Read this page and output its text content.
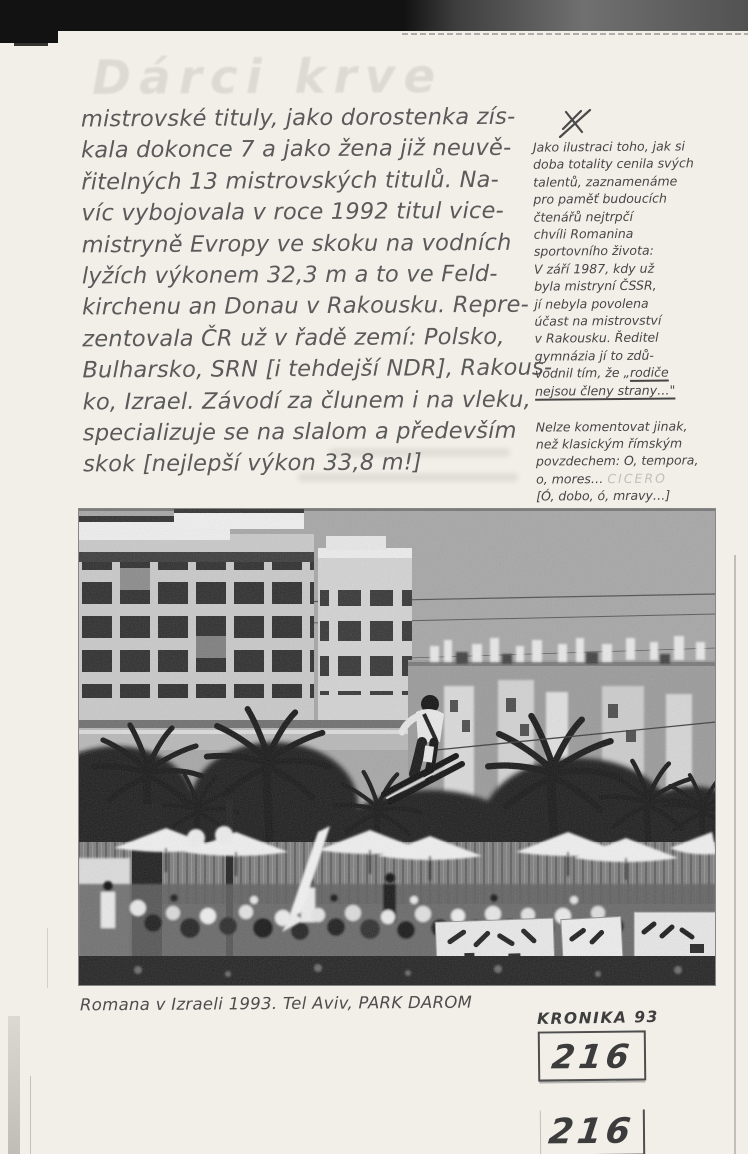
Dárci krve
mistrovské tituly, jako dorostenka zís-
kala dokonce 7 a jako žena již neuvě-
řitelných 13 mistrovských titulů. Na-
víc vybojovala v roce 1992 titul vice-
mistryně Evropy ve skoku na vodních
lyžích výkonem 32,3 m a to ve Feld-
kirchenu an Donau v Rakousku. Repre-
zentovala ČR už v řadě zemí: Polsko,
Bulharsko, SRN [i tehdejší NDR], Rakous-
ko, Izrael. Závodí za člunem i na vleku,
specializuje se na slalom a především
skok [nejlepší výkon 33,8 m!]
Jako ilustraci toho, jak si
doba totality cenila svých
talentů, zaznamenáme
pro paměť budoucích
čtenářů nejtrpčí
chvíli Romanina
sportovního života:
V září 1987, kdy už
byla mistryní ČSSR,
jí nebyla povolena
účast na mistrovství
v Rakousku. Ředitel
gymnázia jí to zdů-
vodnil tím, že „rodiče
nejsou členy strany…"
Nelze komentovat jinak,
než klasickým římským
povzdechem: O, tempora,
o, mores… CICERO
[Ó, dobo, ó, mravy…]
Romana v Izraeli 1993. Tel Aviv, PARK DAROM
KRONIKA 93
216
216
